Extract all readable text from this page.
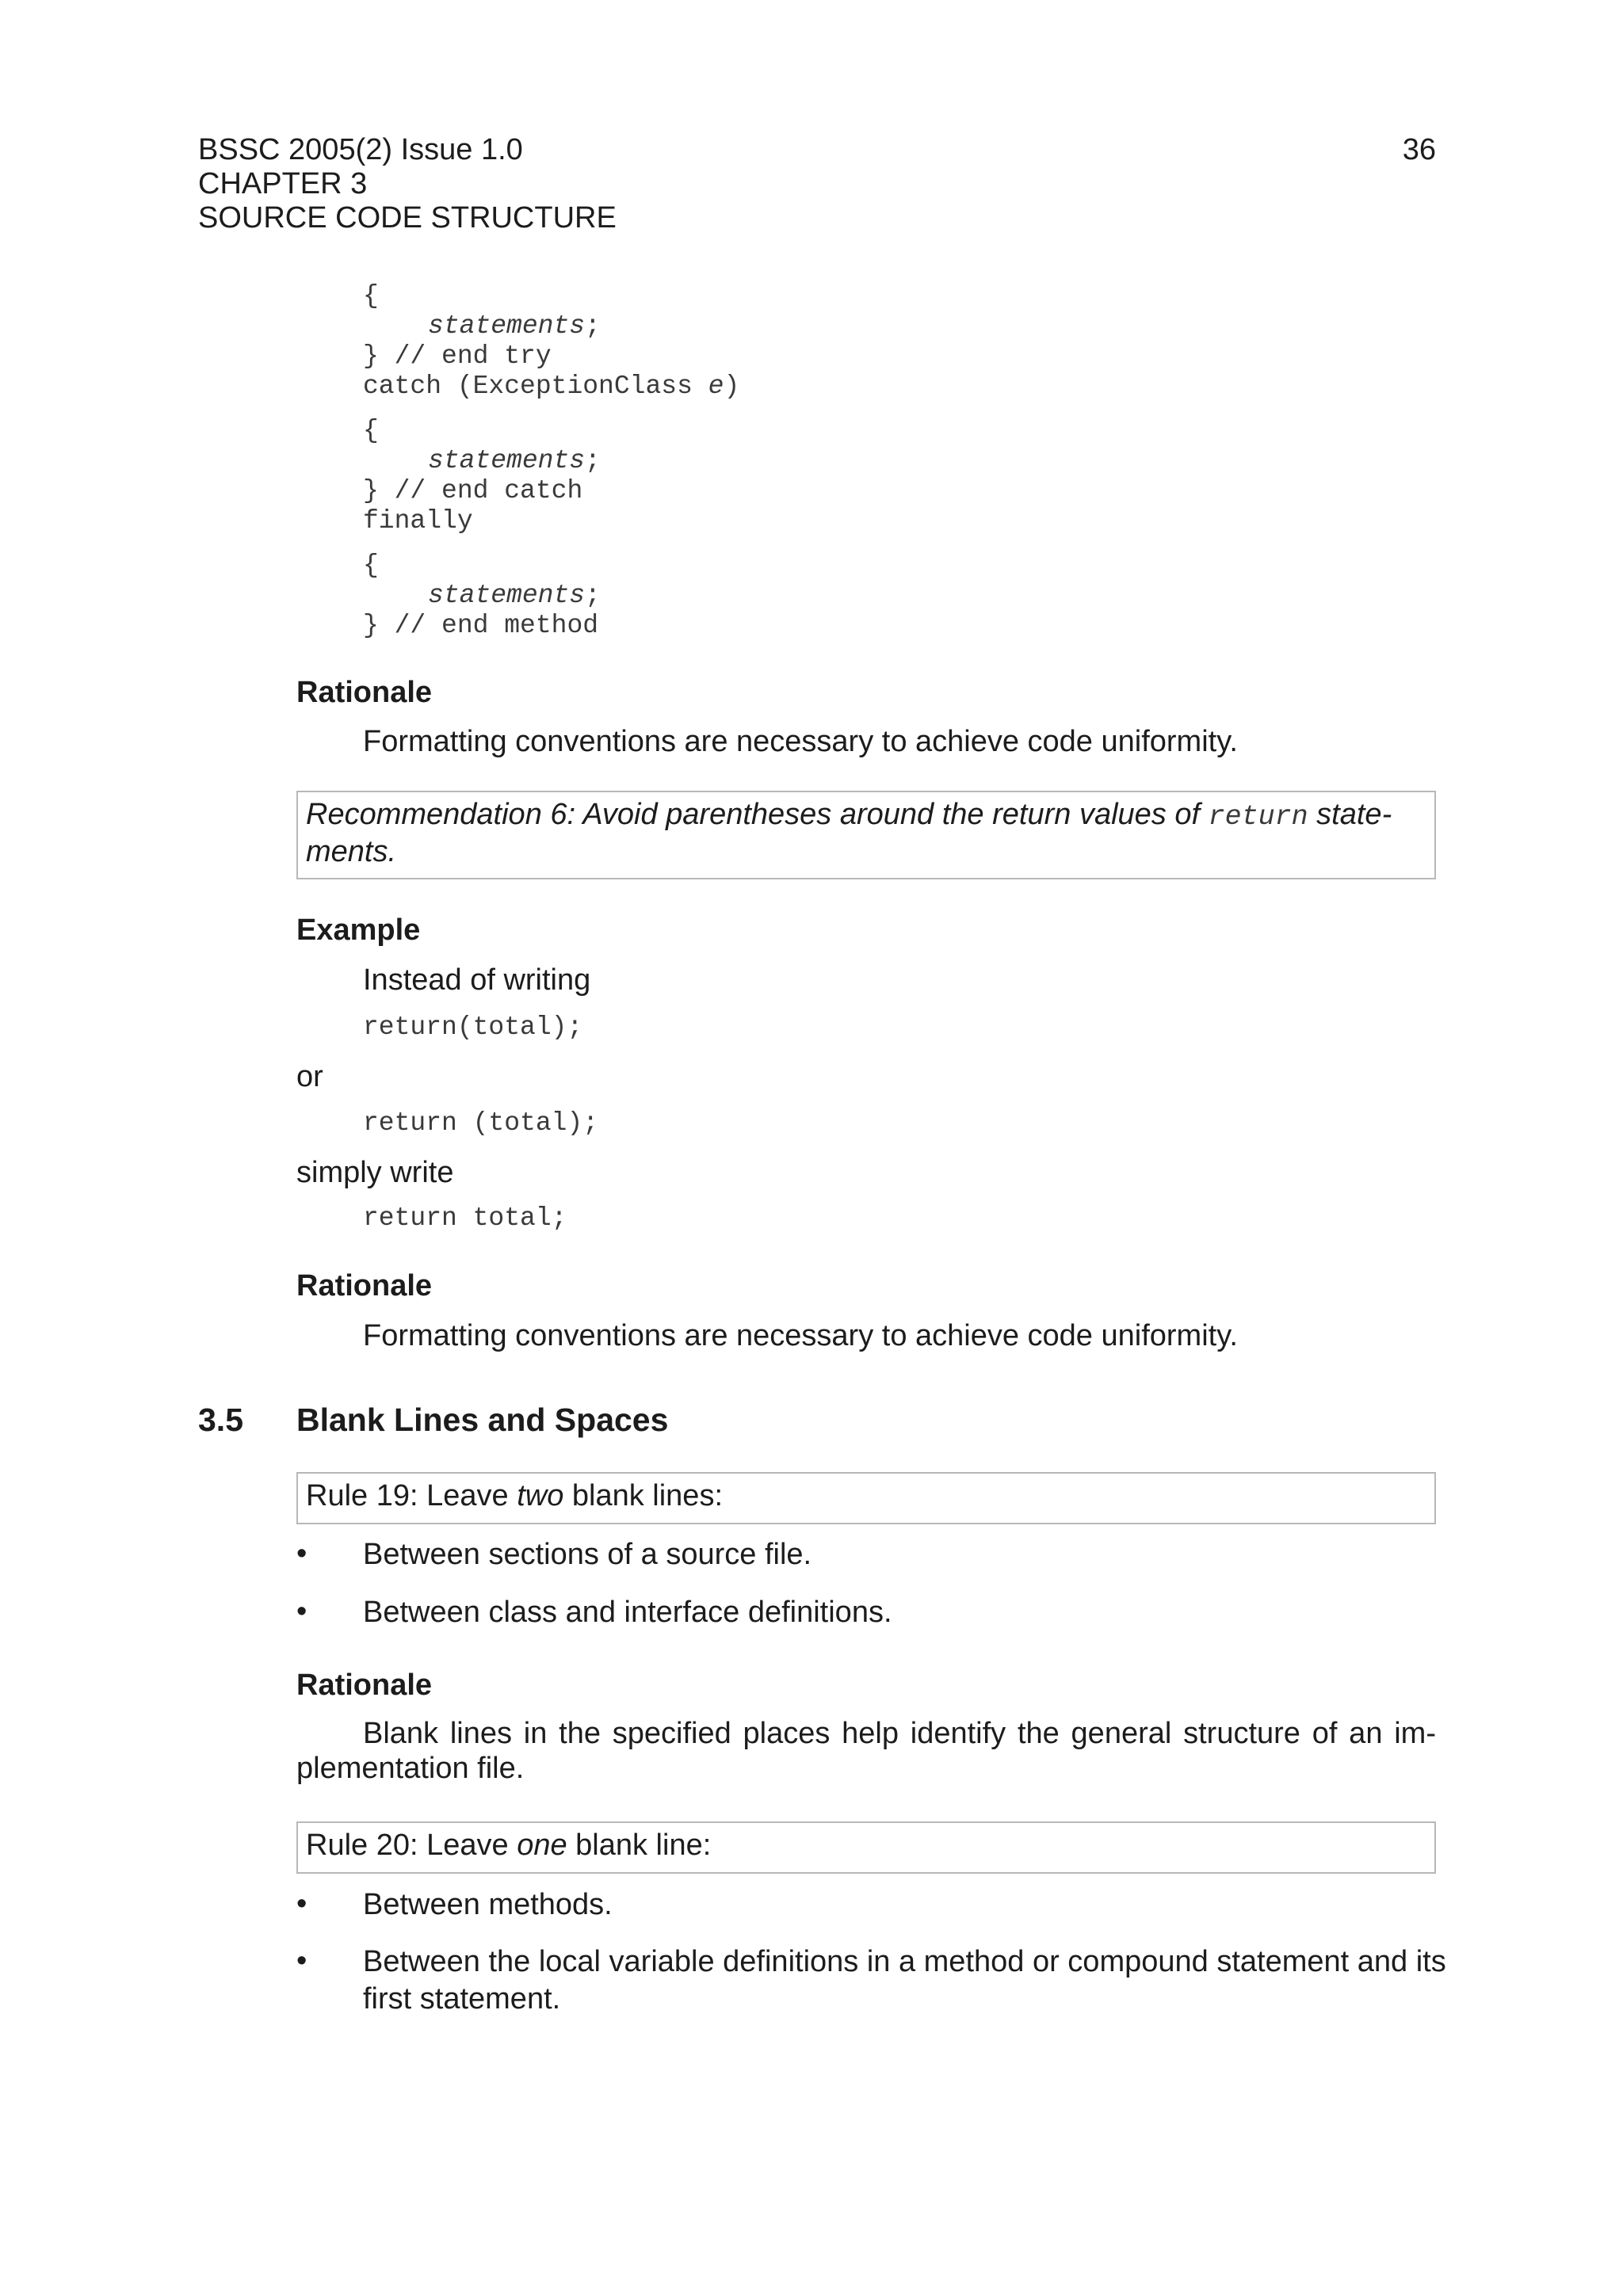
BSSC 2005(2) Issue 1.0
CHAPTER 3
SOURCE CODE STRUCTURE
36
{
statements;
} // end try
catch (ExceptionClass e)
{
statements;
} // end catch
finally
{
statements;
} // end method
Rationale
Formatting conventions are necessary to achieve code uniformity.
Recommendation 6: Avoid parentheses around the return values of return state-
ments.
Example
Instead of writing
return(total);
or
return (total);
simply write
return total;
Rationale
Formatting conventions are necessary to achieve code uniformity.
3.5 Blank Lines and Spaces
Rule 19: Leave two blank lines:
• Between sections of a source file.
• Between class and interface definitions.
Rationale
Blank lines in the specified places help identify the general structure of an im-
plementation file.
Rule 20: Leave one blank line:
• Between methods.
• Between the local variable definitions in a method or compound statement and its first statement.
